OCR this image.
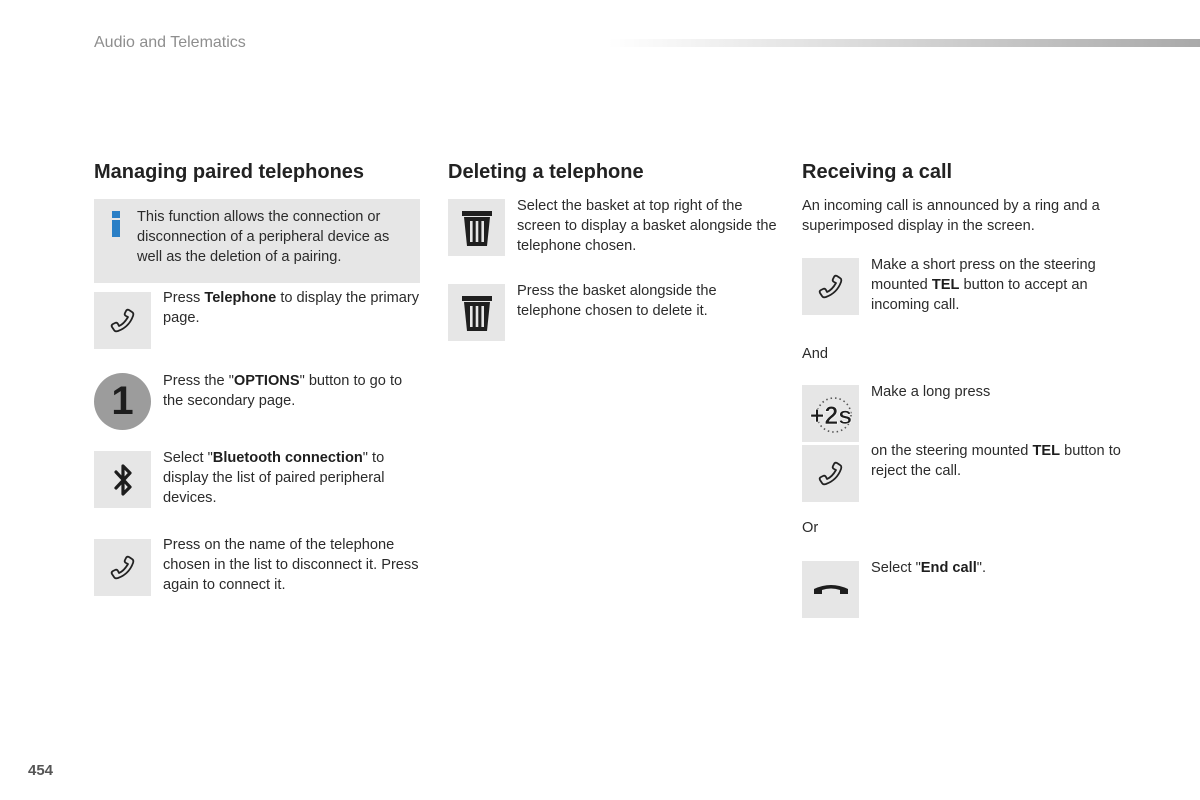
Audio and Telematics
Managing paired telephones
This function allows the connection or disconnection of a peripheral device as well as the deletion of a pairing.
Press Telephone to display the primary page.
1	Press the "OPTIONS" button to go to the secondary page.
Select "Bluetooth connection" to display the list of paired peripheral devices.
Press on the name of the telephone chosen in the list to disconnect it. Press again to connect it.
Deleting a telephone
Select the basket at top right of the screen to display a basket alongside the telephone chosen.
Press the basket alongside the telephone chosen to delete it.
Receiving a call
An incoming call is announced by a ring and a superimposed display in the screen.
Make a short press on the steering mounted TEL button to accept an incoming call.
And
+2s
Make a long press
on the steering mounted TEL button to reject the call.
Or
Select "End call".
454
